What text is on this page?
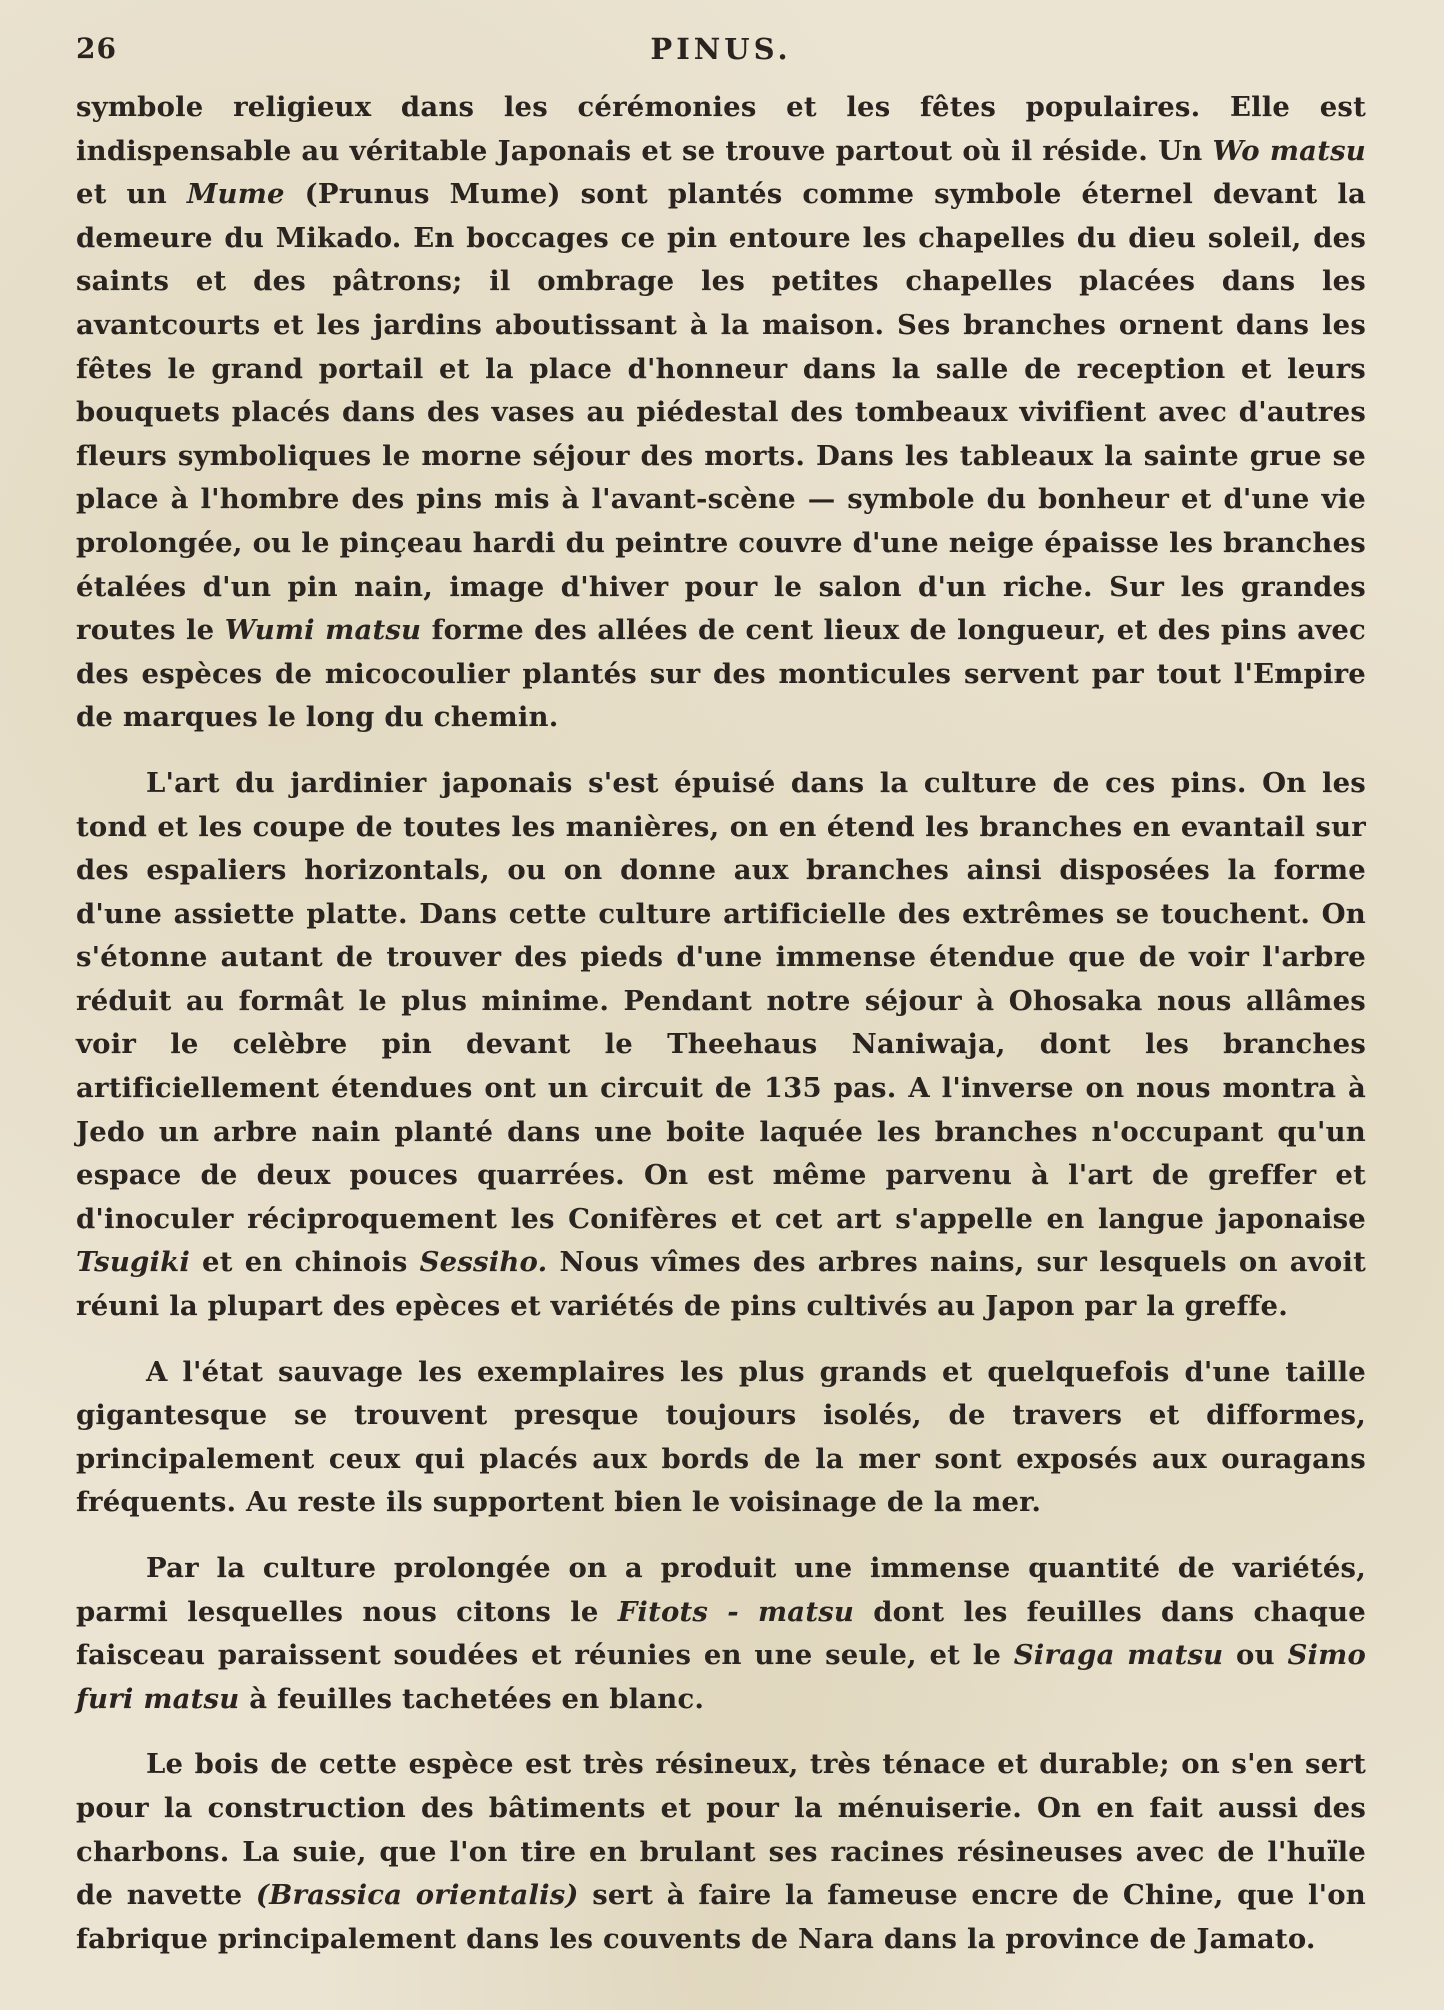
26	PINUS.

symbole religieux dans les cérémonies et les fêtes populaires. Elle est indispensable au véritable Japonais et se trouve partout où il réside. Un Wo matsu et un Mume (Prunus Mume) sont plantés comme symbole éternel devant la demeure du Mikado. En boccages ce pin entoure les chapelles du dieu soleil, des saints et des pâtrons; il ombrage les petites chapelles placées dans les avantcourts et les jardins aboutissant à la maison. Ses branches ornent dans les fêtes le grand portail et la place d'honneur dans la salle de reception et leurs bouquets placés dans des vases au piédestal des tombeaux vivifient avec d'autres fleurs symboliques le morne séjour des morts. Dans les tableaux la sainte grue se place à l'hombre des pins mis à l'avant-scène — symbole du bonheur et d'une vie prolongée, ou le pinçeau hardi du peintre couvre d'une neige épaisse les branches étalées d'un pin nain, image d'hiver pour le salon d'un riche. Sur les grandes routes le Wumi matsu forme des allées de cent lieux de longueur, et des pins avec des espèces de micocoulier plantés sur des monticules servent par tout l'Empire de marques le long du chemin.

L'art du jardinier japonais s'est épuisé dans la culture de ces pins. On les tond et les coupe de toutes les manières, on en étend les branches en evantail sur des espaliers horizontals, ou on donne aux branches ainsi disposées la forme d'une assiette platte. Dans cette culture artificielle des extrêmes se touchent. On s'étonne autant de trouver des pieds d'une immense étendue que de voir l'arbre réduit au formât le plus minime. Pendant notre séjour à Ohosaka nous allâmes voir le celèbre pin devant le Theehaus Naniwaja, dont les branches artificiellement étendues ont un circuit de 135 pas. A l'inverse on nous montra à Jedo un arbre nain planté dans une boite laquée les branches n'occupant qu'un espace de deux pouces quarrées. On est même parvenu à l'art de greffer et d'inoculer réciproquement les Conifères et cet art s'appelle en langue japonaise Tsugiki et en chinois Sessiho. Nous vîmes des arbres nains, sur lesquels on avoit réuni la plupart des epèces et variétés de pins cultivés au Japon par la greffe.

A l'état sauvage les exemplaires les plus grands et quelquefois d'une taille gigantesque se trouvent presque toujours isolés, de travers et difformes, principalement ceux qui placés aux bords de la mer sont exposés aux ouragans fréquents. Au reste ils supportent bien le voisinage de la mer.

Par la culture prolongée on a produit une immense quantité de variétés, parmi lesquelles nous citons le Fitots - matsu dont les feuilles dans chaque faisceau paraissent soudées et réunies en une seule, et le Siraga matsu ou Simo furi matsu à feuilles tachetées en blanc.

Le bois de cette espèce est très résineux, très ténace et durable; on s'en sert pour la construction des bâtiments et pour la ménuiserie. On en fait aussi des charbons. La suie, que l'on tire en brulant ses racines résineuses avec de l'huïle de navette (Brassica orientalis) sert à faire la fameuse encre de Chine, que l'on fabrique principalement dans les couvents de Nara dans la province de Jamato.
